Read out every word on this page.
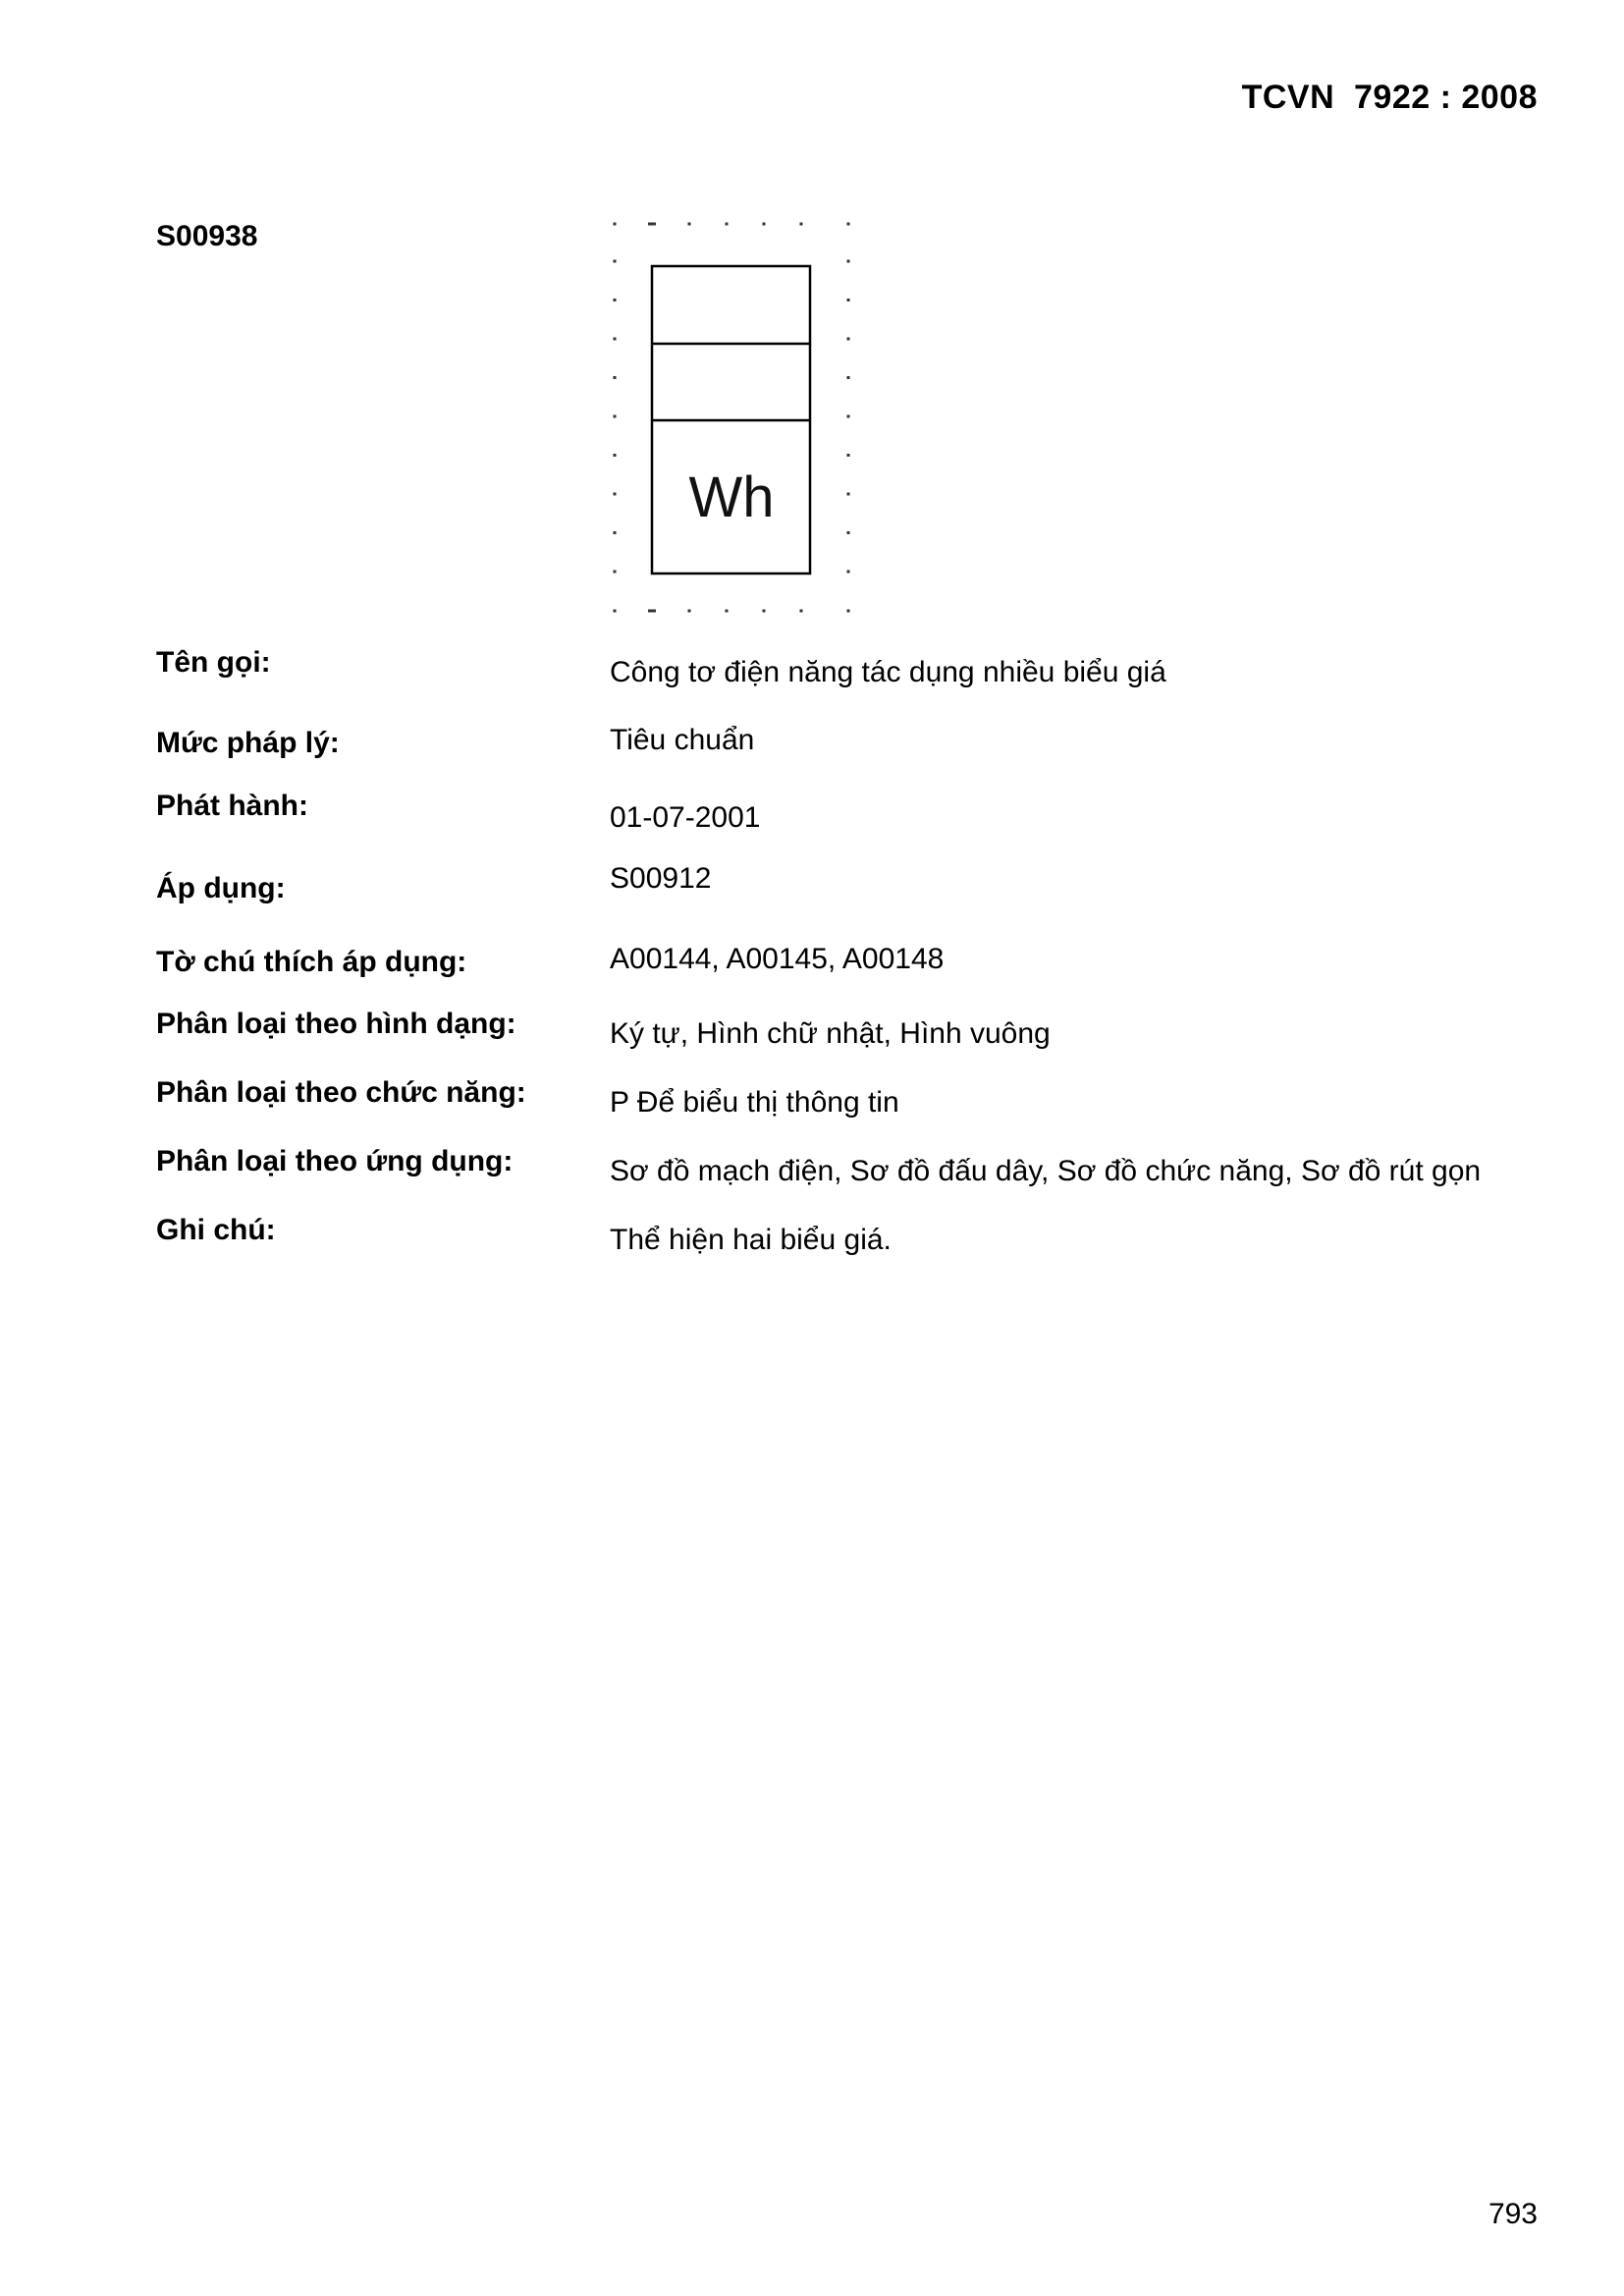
TCVN  7922 : 2008
S00938
Wh
Tên gọi:	Công tơ điện năng tác dụng nhiều biểu giá
Mức pháp lý:	Tiêu chuẩn
Phát hành:	01-07-2001
Áp dụng:	S00912
Tờ chú thích áp dụng:	A00144, A00145, A00148
Phân loại theo hình dạng:	Ký tự, Hình chữ nhật, Hình vuông
Phân loại theo chức năng:	P Để biểu thị thông tin
Phân loại theo ứng dụng:	Sơ đồ mạch điện, Sơ đồ đấu dây, Sơ đồ chức năng, Sơ đồ rút gọn
Ghi chú:	Thể hiện hai biểu giá.
793
